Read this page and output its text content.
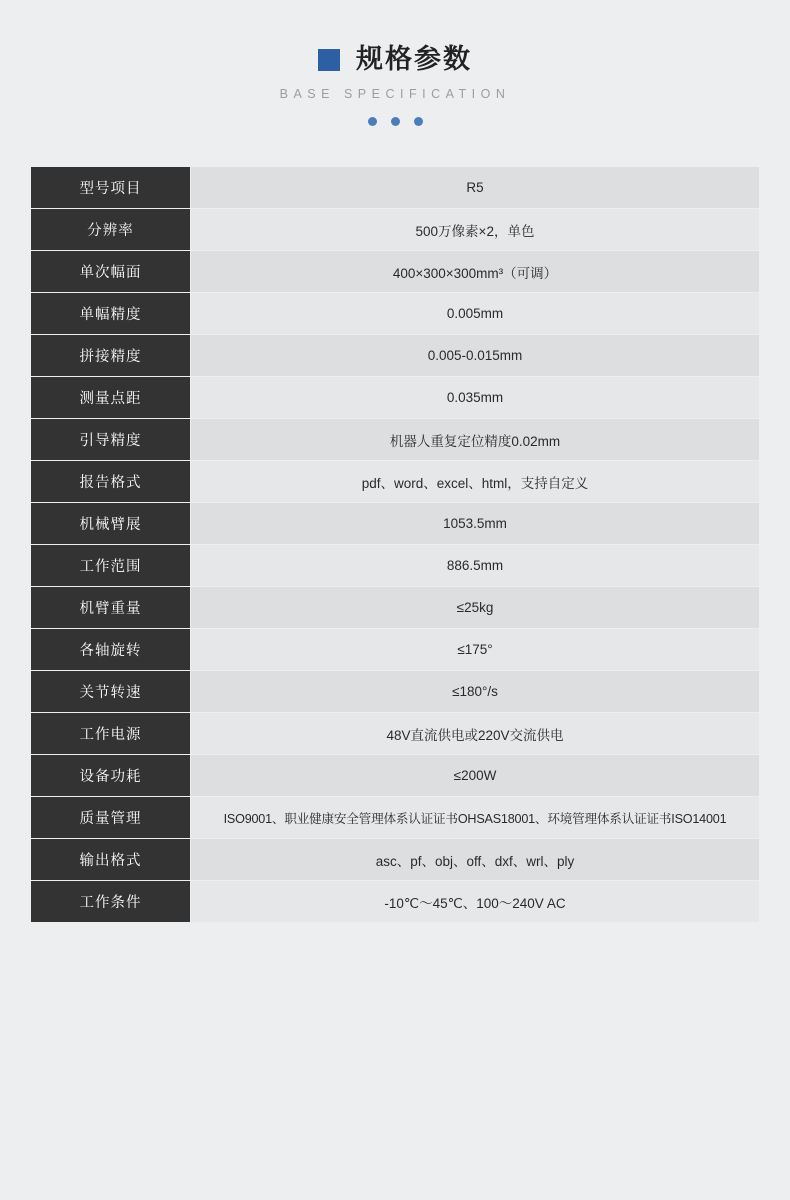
规格参数
BASE SPECIFICATION
型号项目	R5
分辨率	500万像素×2，单色
单次幅面	400×300×300mm³（可调）
单幅精度	0.005mm
拼接精度	0.005-0.015mm
测量点距	0.035mm
引导精度	机器人重复定位精度0.02mm
报告格式	pdf、word、excel、html，支持自定义
机械臂展	1053.5mm
工作范围	886.5mm
机臂重量	≤25kg
各轴旋转	≤175°
关节转速	≤180°/s
工作电源	48V直流供电或220V交流供电
设备功耗	≤200W
质量管理	ISO9001、职业健康安全管理体系认证证书OHSAS18001、环境管理体系认证证书ISO14001
输出格式	asc、pf、obj、off、dxf、wrl、ply
工作条件	-10℃～45℃、100～240V AC
